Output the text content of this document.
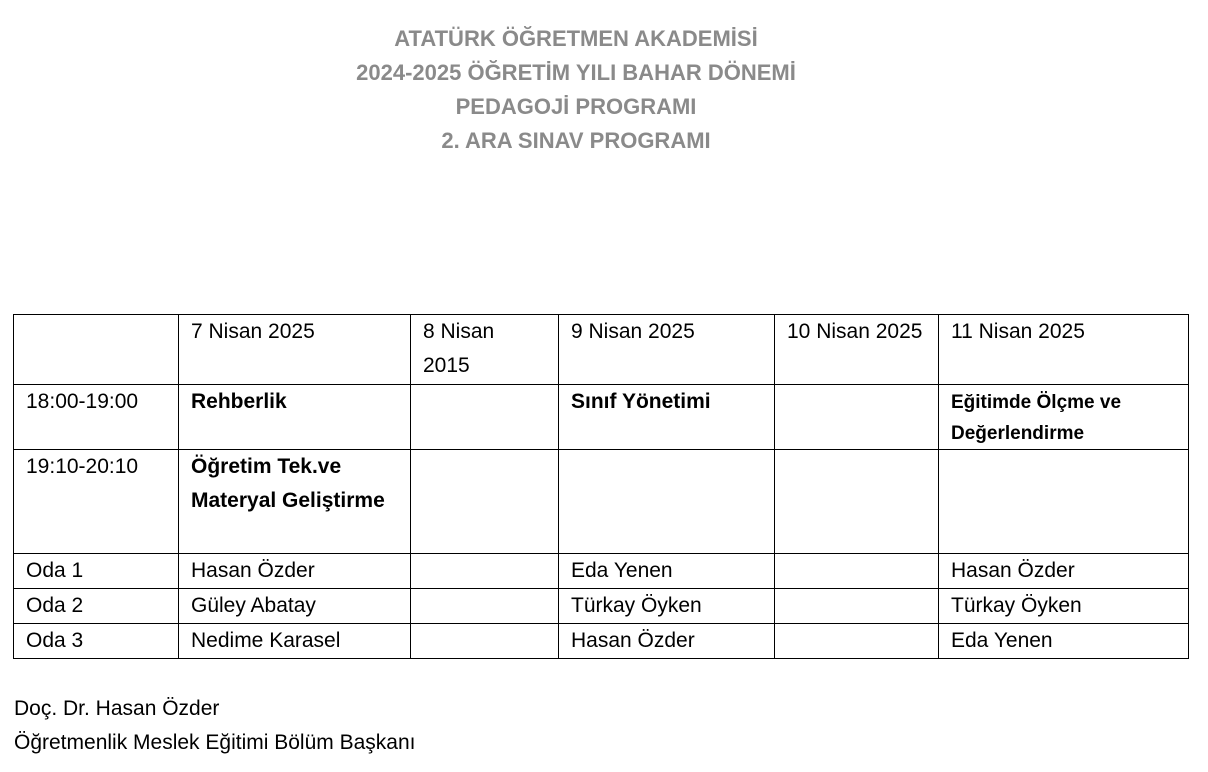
ATATÜRK ÖĞRETMEN AKADEMİSİ
2024-2025 ÖĞRETİM YILI BAHAR DÖNEMİ
PEDAGOJİ PROGRAMI
2. ARA SINAV PROGRAMI
	7 Nisan 2025	8 Nisan 2015	9 Nisan 2025	10 Nisan 2025	11 Nisan 2025
18:00-19:00	Rehberlik		Sınıf Yönetimi		Eğitimde Ölçme ve Değerlendirme
19:10-20:10	Öğretim Tek.ve Materyal Geliştirme				
Oda 1	Hasan Özder		Eda Yenen		Hasan Özder
Oda 2	Güley Abatay		Türkay Öyken		Türkay Öyken
Oda 3	Nedime Karasel		Hasan Özder		Eda Yenen
Doç. Dr. Hasan Özder
Öğretmenlik Meslek Eğitimi Bölüm Başkanı
